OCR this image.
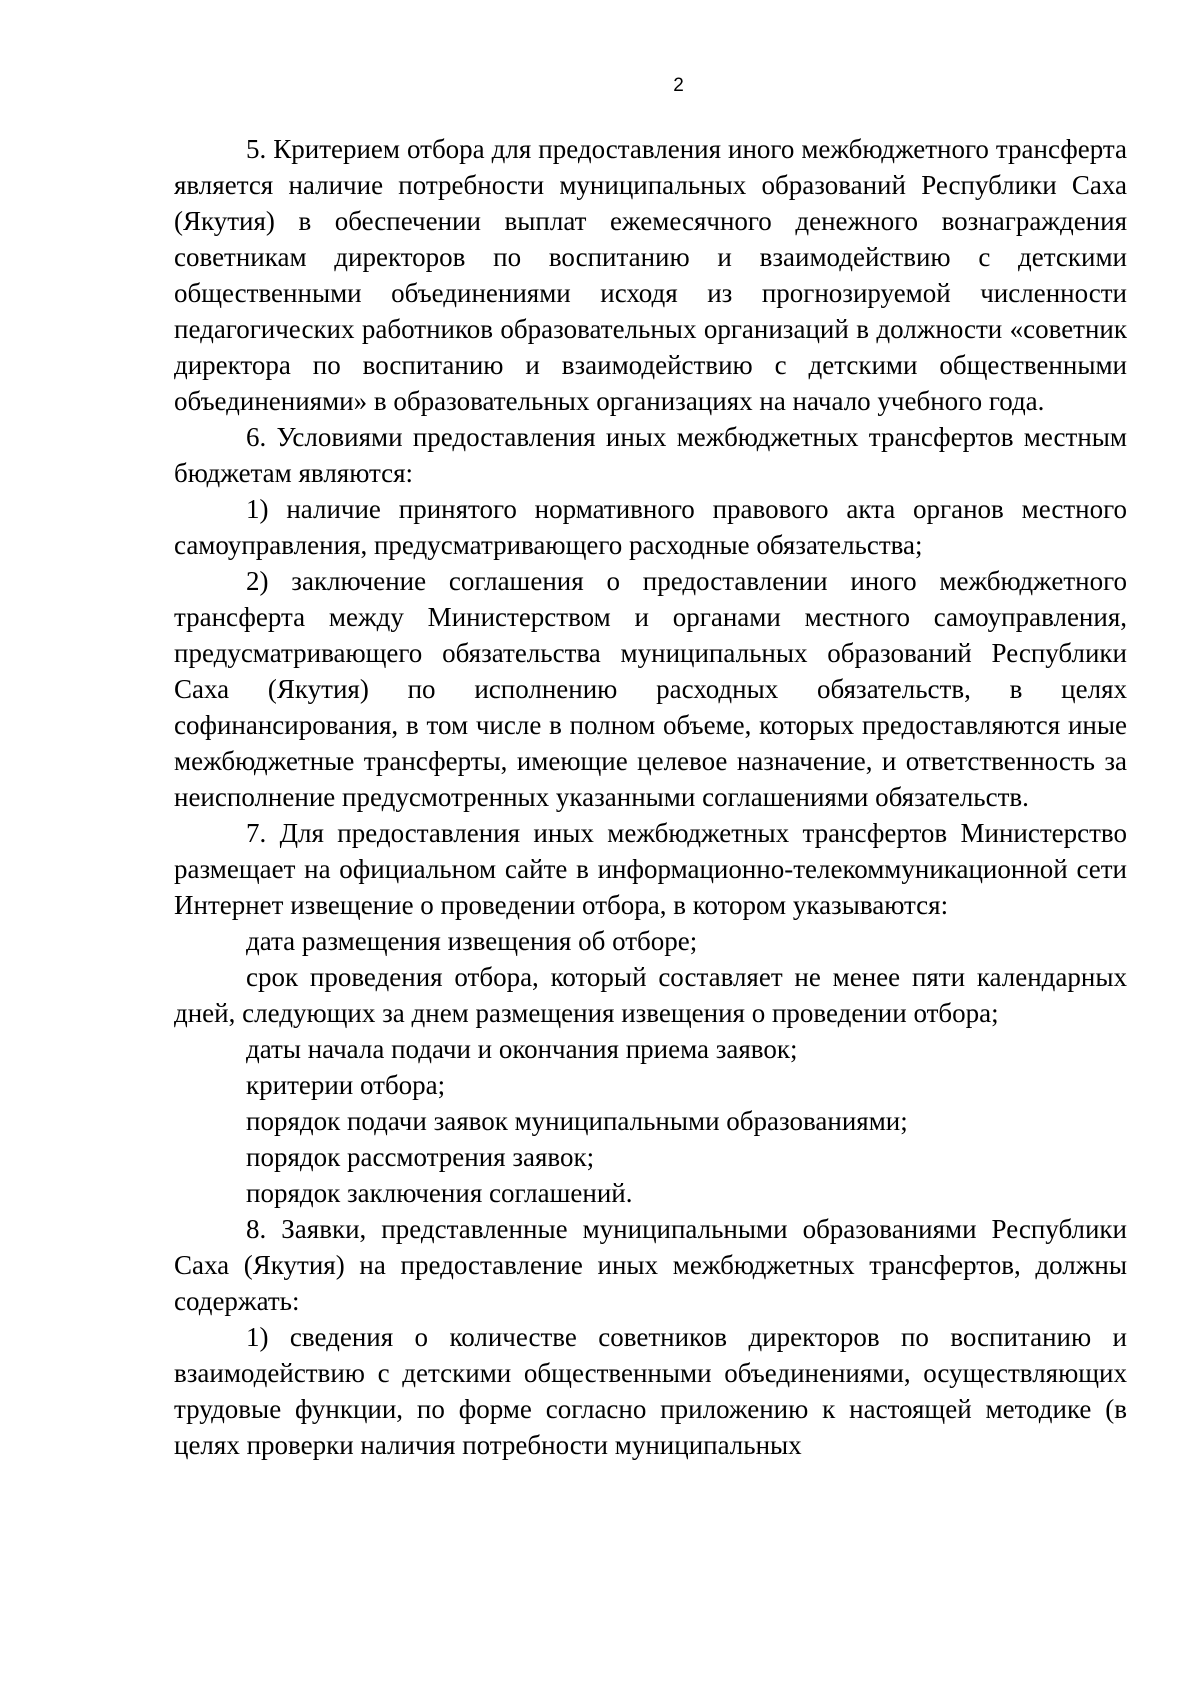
2

5. Критерием отбора для предоставления иного межбюджетного трансферта является наличие потребности муниципальных образований Республики Саха (Якутия) в обеспечении выплат ежемесячного денежного вознаграждения советникам директоров по воспитанию и взаимодействию с детскими общественными объединениями исходя из прогнозируемой численности педагогических работников образовательных организаций в должности «советник директора по воспитанию и взаимодействию с детскими общественными объединениями» в образовательных организациях на начало учебного года.

6. Условиями предоставления иных межбюджетных трансфертов местным бюджетам являются:

1) наличие принятого нормативного правового акта органов местного самоуправления, предусматривающего расходные обязательства;

2) заключение соглашения о предоставлении иного межбюджетного трансферта между Министерством и органами местного самоуправления, предусматривающего обязательства муниципальных образований Республики Саха (Якутия) по исполнению расходных обязательств, в целях софинансирования, в том числе в полном объеме, которых предоставляются иные межбюджетные трансферты, имеющие целевое назначение, и ответственность за неисполнение предусмотренных указанными соглашениями обязательств.

7. Для предоставления иных межбюджетных трансфертов Министерство размещает на официальном сайте в информационно-телекоммуникационной сети Интернет извещение о проведении отбора, в котором указываются:

дата размещения извещения об отборе;

срок проведения отбора, который составляет не менее пяти календарных дней, следующих за днем размещения извещения о проведении отбора;

даты начала подачи и окончания приема заявок;

критерии отбора;

порядок подачи заявок муниципальными образованиями;

порядок рассмотрения заявок;

порядок заключения соглашений.

8. Заявки, представленные муниципальными образованиями Республики Саха (Якутия) на предоставление иных межбюджетных трансфертов, должны содержать:

1) сведения о количестве советников директоров по воспитанию и взаимодействию с детскими общественными объединениями, осуществляющих трудовые функции, по форме согласно приложению к настоящей методике (в целях проверки наличия потребности муниципальных
